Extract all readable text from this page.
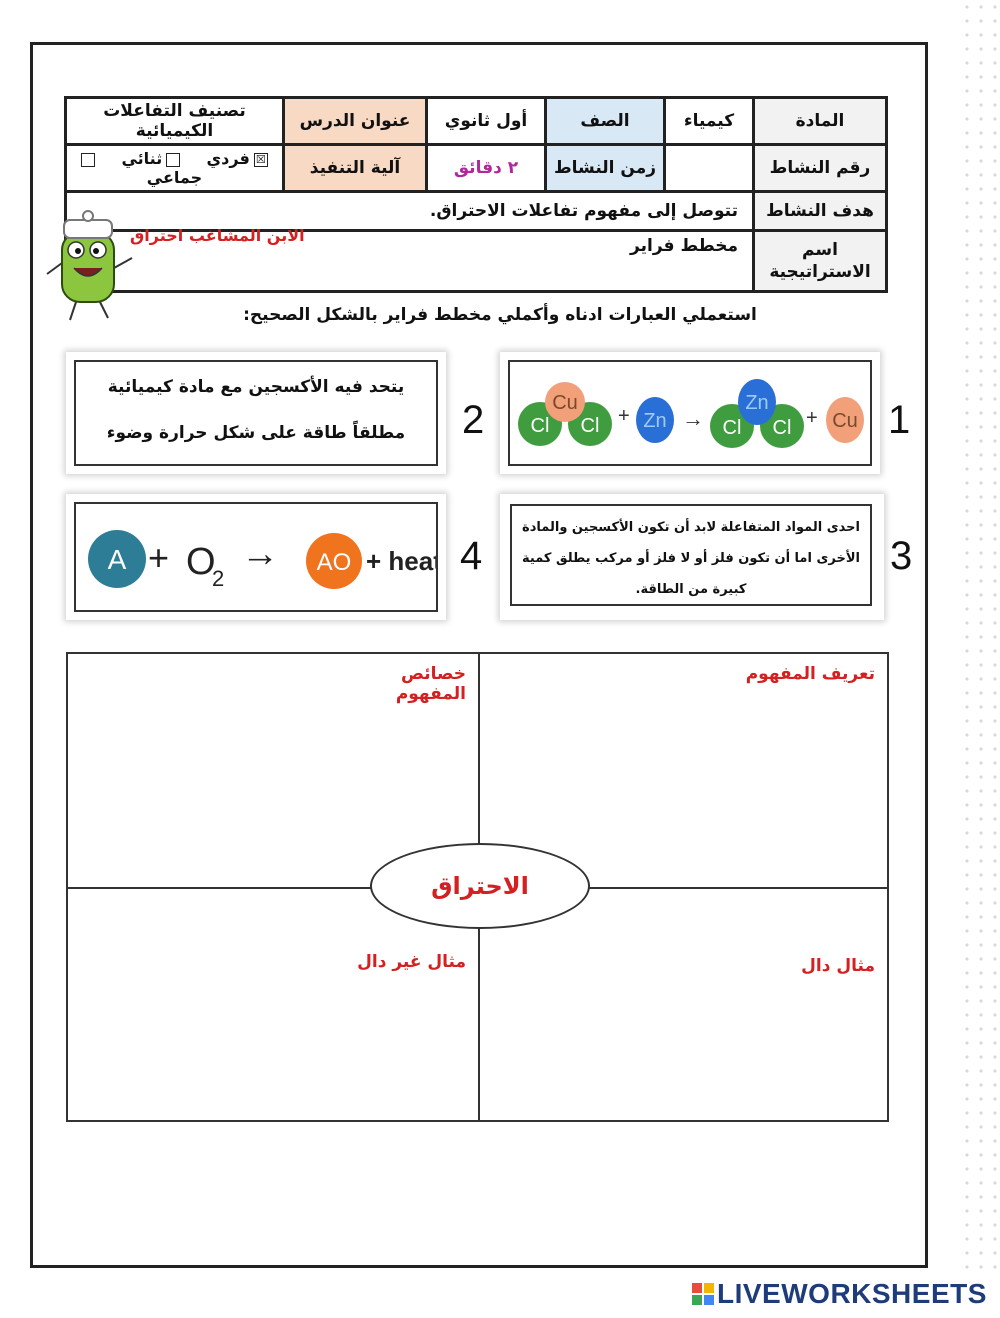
المادة	كيمياء	الصف	أول ثانوي	عنوان الدرس	تصنيف التفاعلات الكيميائية
رقم النشاط		زمن النشاط	٢ دقائق	آلية التنفيذ	☒فردي    ثنائي    جماعي
هدف النشاط	تتوصل إلى مفهوم تفاعلات الاحتراق.				
اسم الاستراتيجية	مخطط فراير				
الابن المشاغب احتراق
استعملي العبارات ادناه وأكملي مخطط فراير بالشكل الصحيح:
Cl
Cu
Cl + Zn → Cl
Zn
Cl + Cu 1
يتحد فيه الأكسجين مع مادة كيميائية
مطلقاً طاقة على شكل حرارة وضوء	2
احدى المواد المتفاعلة لابد أن تكون الأكسجين والمادة
الأخرى اما أن تكون فلز أو لا فلز أو مركب يطلق كمية
كبيرة من الطاقة.
3
A + O
2
→ AO + heat 4
تعريف المفهوم
خصائص المفهوم
مثال دال
مثال غير دال
الاحتراق
LIVEWORKSHEETS
